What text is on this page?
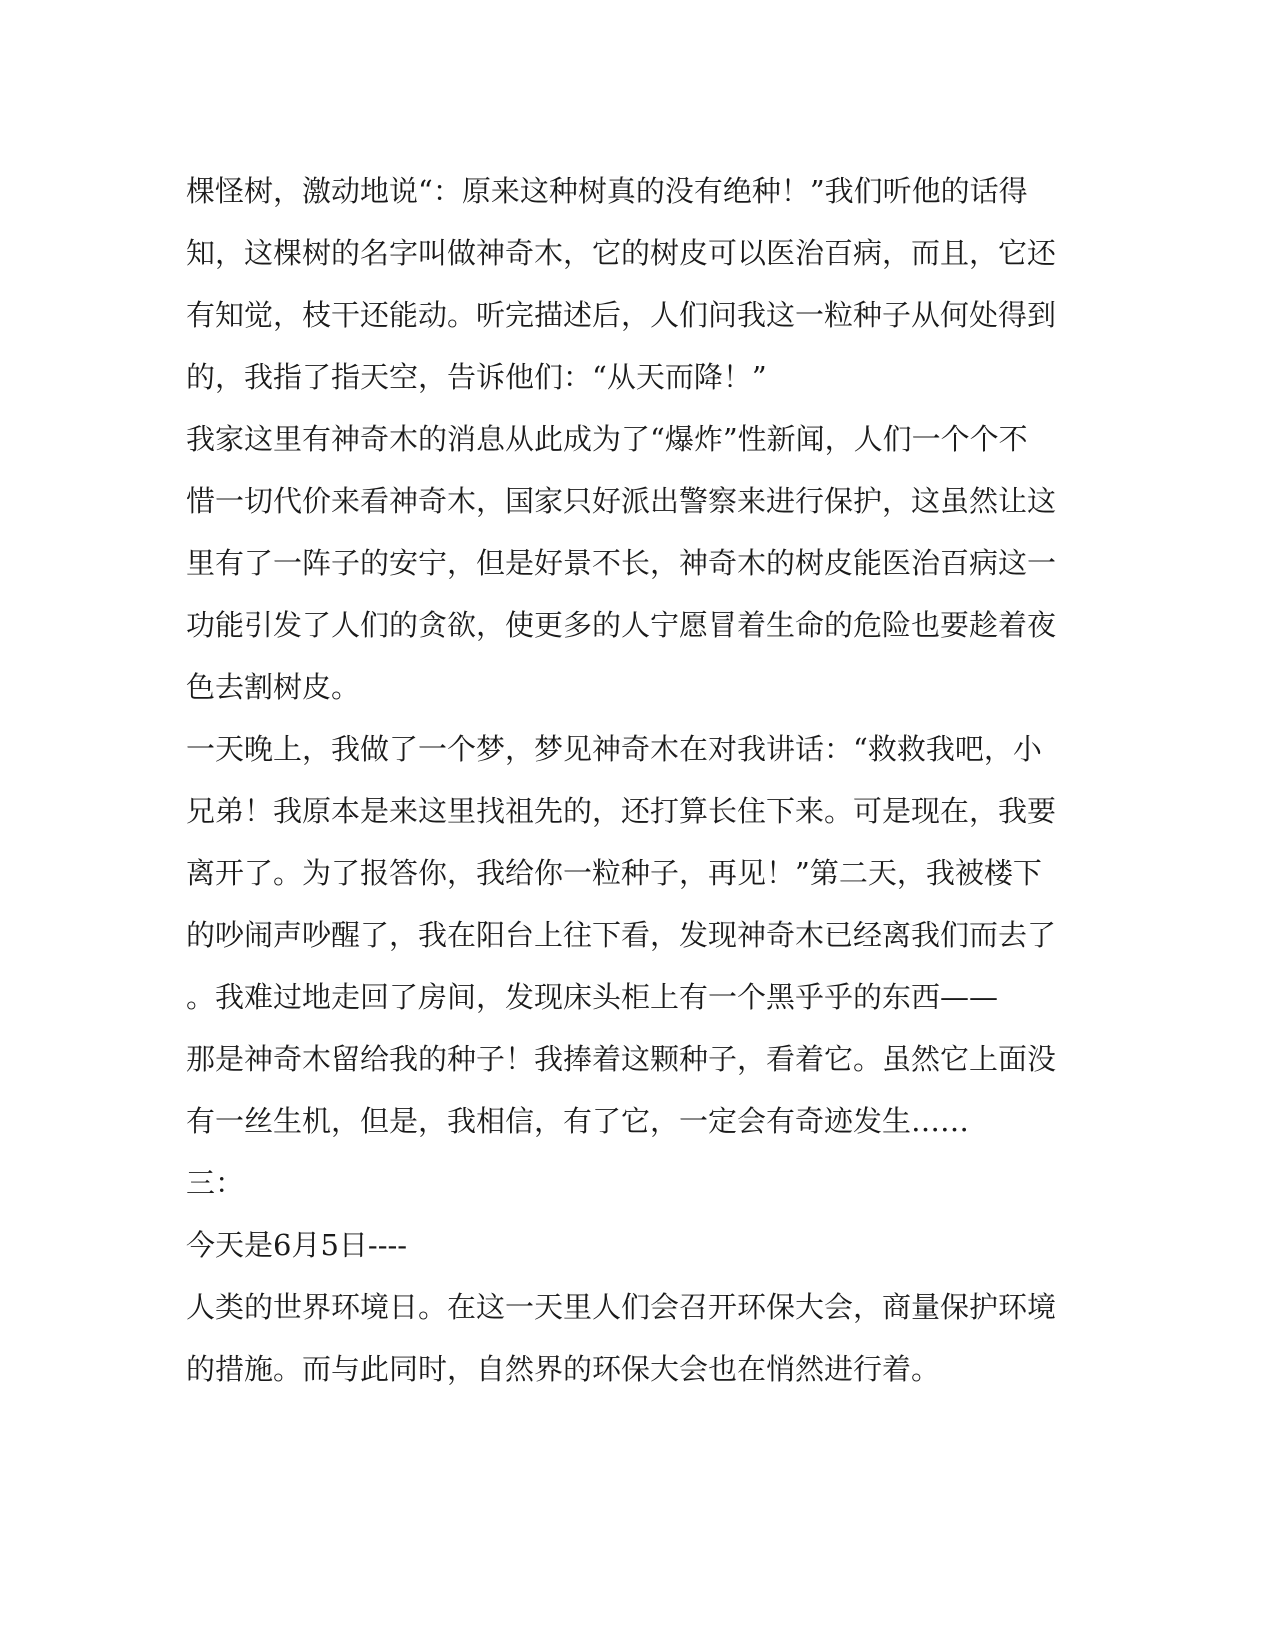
棵怪树，激动地说“：原来这种树真的没有绝种！”我们听他的话得
知，这棵树的名字叫做神奇木，它的树皮可以医治百病，而且，它还
有知觉，枝干还能动。听完描述后，人们问我这一粒种子从何处得到
的，我指了指天空，告诉他们：“从天而降！”
我家这里有神奇木的消息从此成为了“爆炸”性新闻，人们一个个不
惜一切代价来看神奇木，国家只好派出警察来进行保护，这虽然让这
里有了一阵子的安宁，但是好景不长，神奇木的树皮能医治百病这一
功能引发了人们的贪欲，使更多的人宁愿冒着生命的危险也要趁着夜
色去割树皮。
一天晚上，我做了一个梦，梦见神奇木在对我讲话：“救救我吧，小
兄弟！我原本是来这里找祖先的，还打算长住下来。可是现在，我要
离开了。为了报答你，我给你一粒种子，再见！”第二天，我被楼下
的吵闹声吵醒了，我在阳台上往下看，发现神奇木已经离我们而去了
。我难过地走回了房间，发现床头柜上有一个黑乎乎的东西——
那是神奇木留给我的种子！我捧着这颗种子，看着它。虽然它上面没
有一丝生机，但是，我相信，有了它，一定会有奇迹发生……
三：
今天是6月5日----
人类的世界环境日。在这一天里人们会召开环保大会，商量保护环境
的措施。而与此同时，自然界的环保大会也在悄然进行着。
